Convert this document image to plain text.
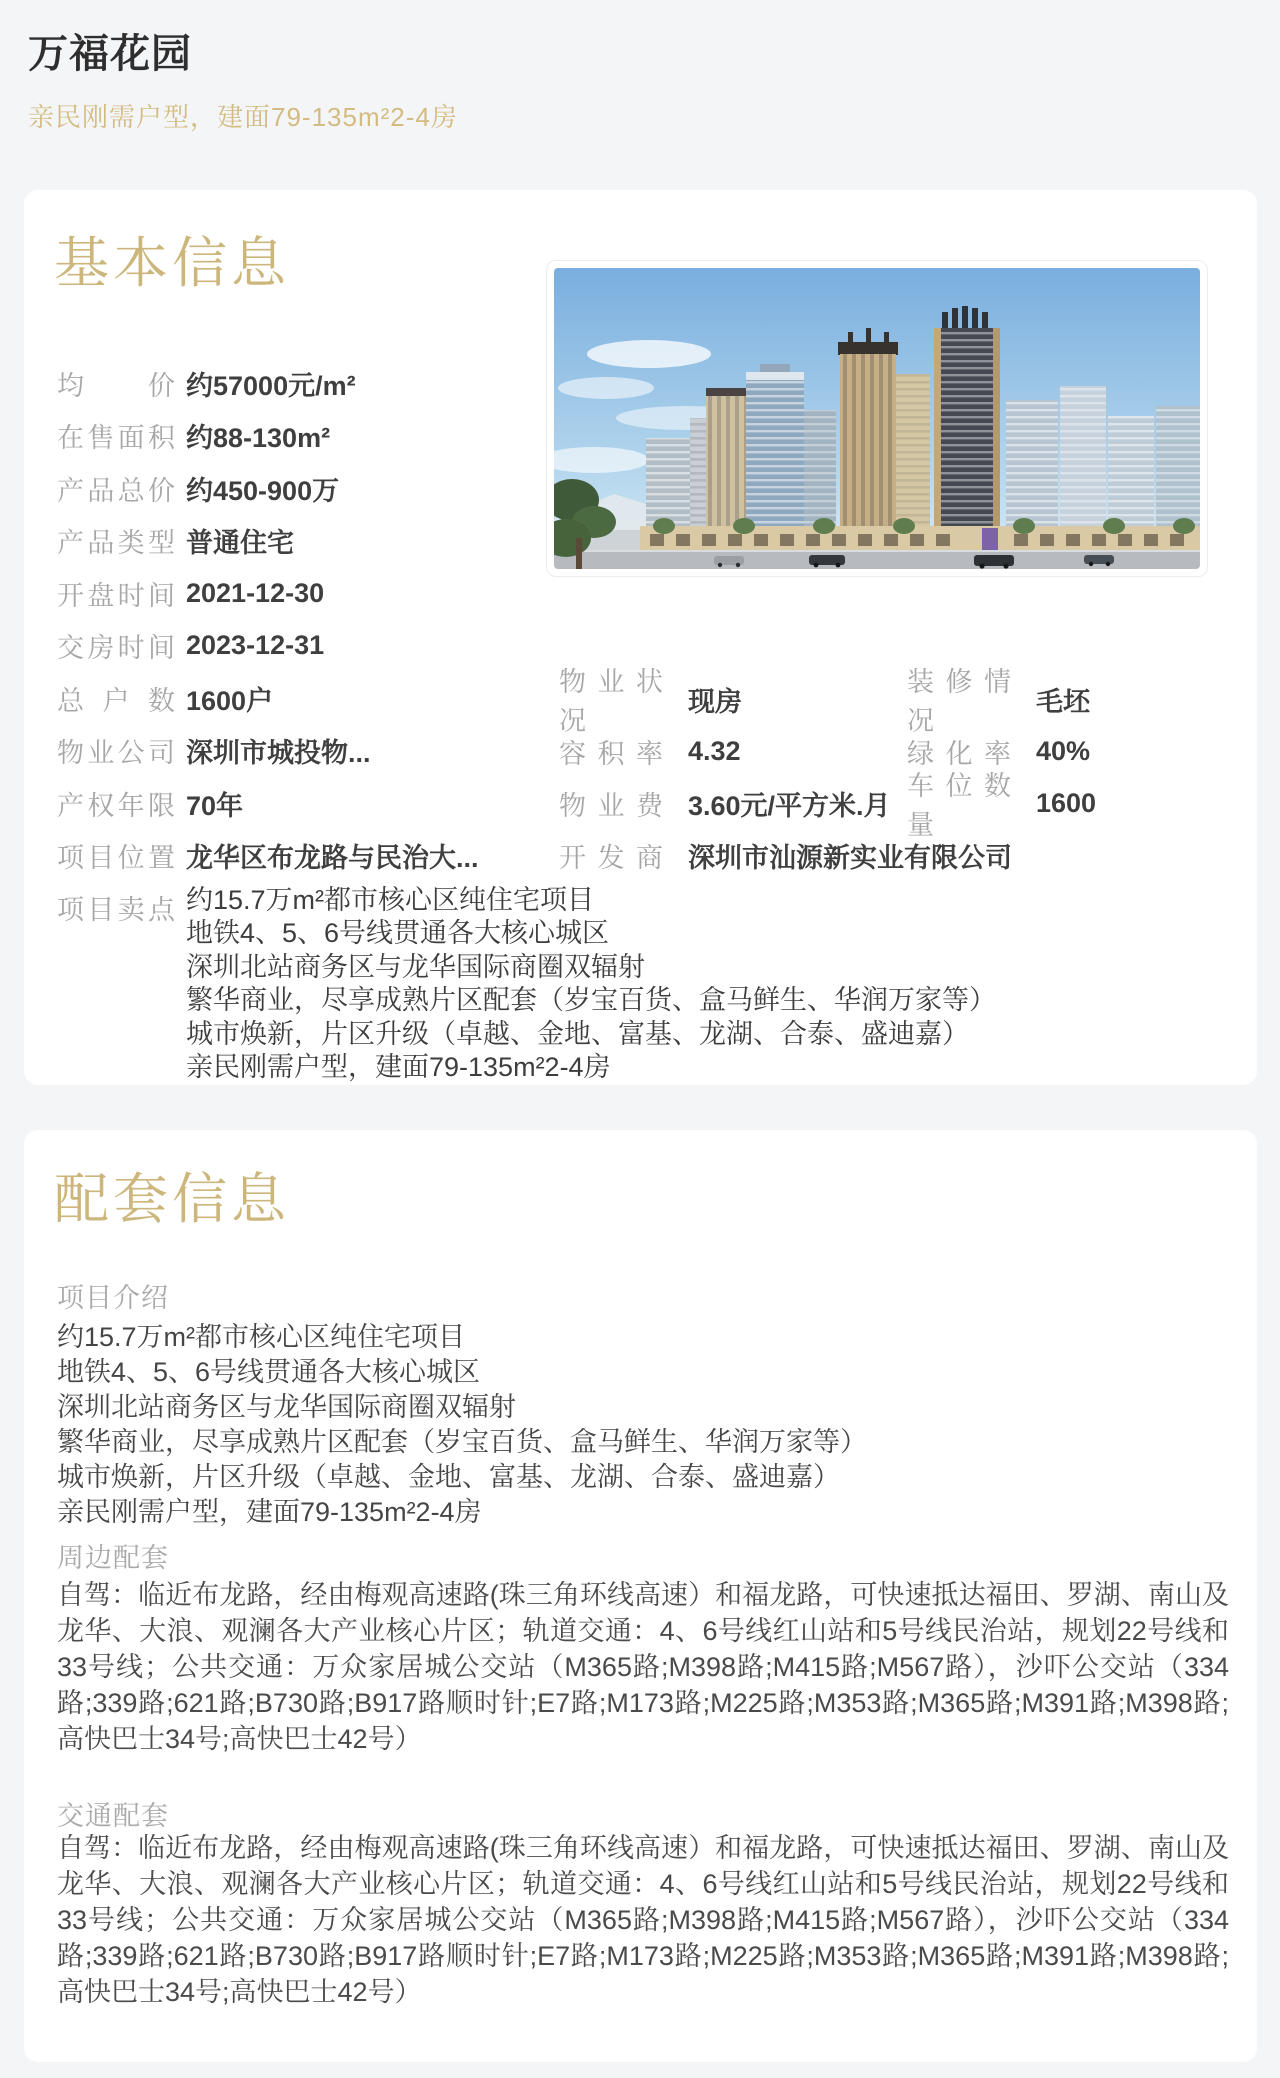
万福花园
亲民刚需户型，建面79-135m²2-4房
基本信息
均价 约57000元/m²
在售面积 约88-130m²
产品总价 约450-900万
产品类型 普通住宅
开盘时间 2021-12-30
交房时间 2023-12-31
总户数 1600户
物业公司 深圳市城投物...
产权年限 70年
项目位置 龙华区布龙路与民治大...
物业状况
现房
装修情况
毛坯
容积率 4.32	绿化率 40%
物业费 3.60元/平方米.月
车位数量
1600
开发商 深圳市汕源新实业有限公司
项目卖点 约15.7万m²都市核心区纯住宅项目
地铁4、5、6号线贯通各大核心城区
深圳北站商务区与龙华国际商圈双辐射
繁华商业，尽享成熟片区配套（岁宝百货、盒马鲜生、华润万家等）
城市焕新，片区升级（卓越、金地、富基、龙湖、合泰、盛迪嘉）
亲民刚需户型，建面79-135m²2-4房
配套信息
项目介绍
约15.7万m²都市核心区纯住宅项目
地铁4、5、6号线贯通各大核心城区
深圳北站商务区与龙华国际商圈双辐射
繁华商业，尽享成熟片区配套（岁宝百货、盒马鲜生、华润万家等）
城市焕新，片区升级（卓越、金地、富基、龙湖、合泰、盛迪嘉）
亲民刚需户型，建面79-135m²2-4房
周边配套

自驾：临近布龙路，经由梅观高速路(珠三角环线高速）和福龙路，可快速抵达福田、罗湖、南山及龙华、大浪、观澜各大产业核心片区；轨道交通：4、6号线红山站和5号线民治站，规划22号线和33号线；公共交通：万众家居城公交站（M365路;M398路;M415路;M567路），沙吓公交站（334路;339路;621路;B730路;B917路顺时针;E7路;M173路;M225路;M353路;M365路;M391路;M398路;高快巴士34号;高快巴士42号）

交通配套

自驾：临近布龙路，经由梅观高速路(珠三角环线高速）和福龙路，可快速抵达福田、罗湖、南山及龙华、大浪、观澜各大产业核心片区；轨道交通：4、6号线红山站和5号线民治站，规划22号线和33号线；公共交通：万众家居城公交站（M365路;M398路;M415路;M567路），沙吓公交站（334路;339路;621路;B730路;B917路顺时针;E7路;M173路;M225路;M353路;M365路;M391路;M398路;高快巴士34号;高快巴士42号）
